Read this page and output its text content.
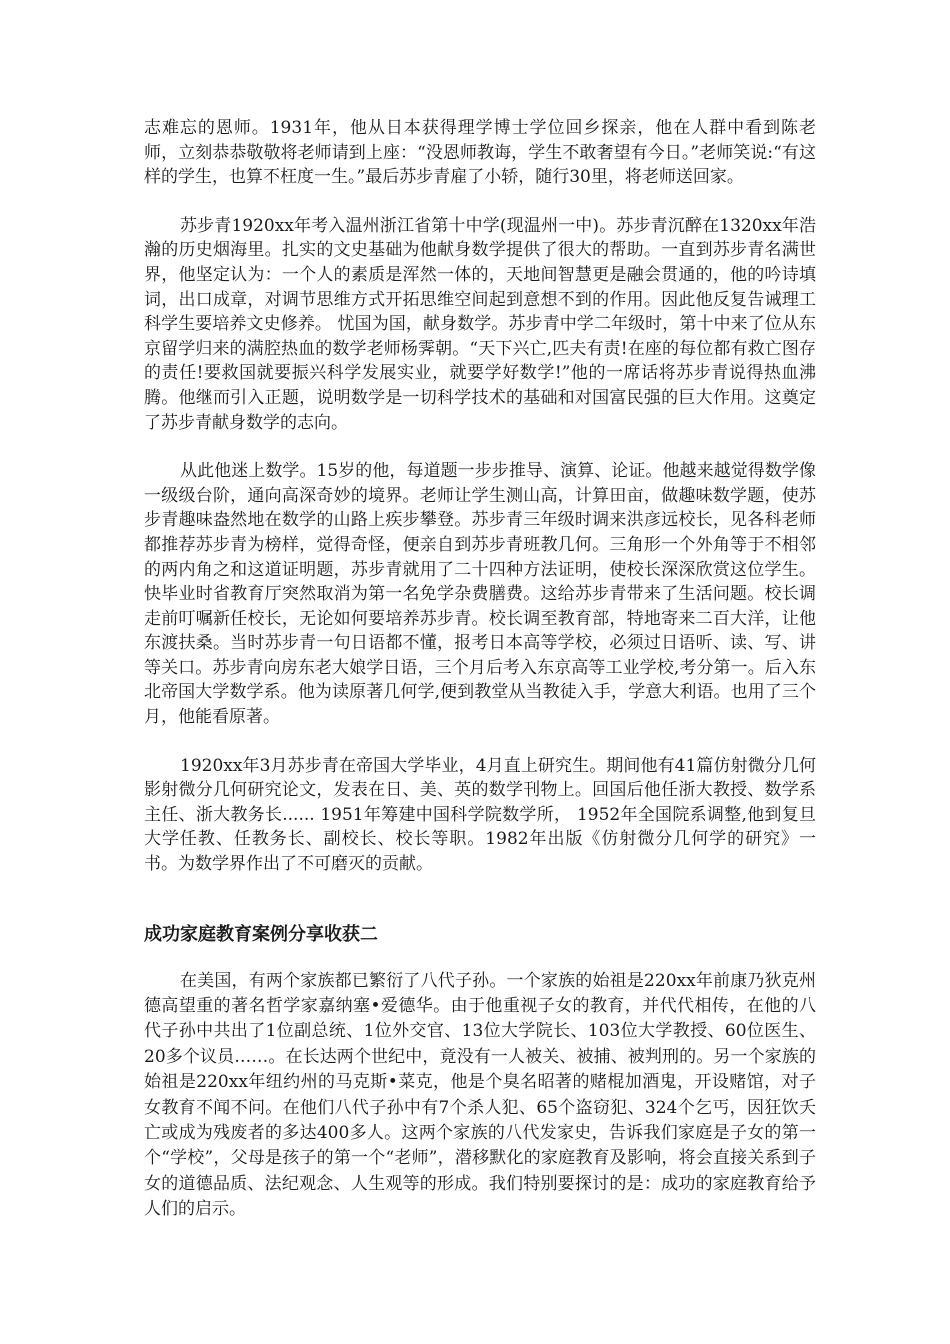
志难忘的恩师。1931年，他从日本获得理学博士学位回乡探亲，他在人群中看到陈老师，立刻恭恭敬敬将老师请到上座：“没恩师教诲，学生不敢奢望有今日。”老师笑说:“有这样的学生，也算不枉度一生。”最后苏步青雇了小轿，随行30里，将老师送回家。

苏步青1920xx年考入温州浙江省第十中学(现温州一中)。苏步青沉醉在1320xx年浩瀚的历史烟海里。扎实的文史基础为他献身数学提供了很大的帮助。一直到苏步青名满世界，他坚定认为：一个人的素质是浑然一体的，天地间智慧更是融会贯通的，他的吟诗填词，出口成章，对调节思维方式开拓思维空间起到意想不到的作用。因此他反复告诫理工科学生要培养文史修养。 忧国为国，献身数学。苏步青中学二年级时，第十中来了位从东京留学归来的满腔热血的数学老师杨霁朝。“天下兴亡,匹夫有责!在座的每位都有救亡图存的责任!要救国就要振兴科学发展实业，就要学好数学!”他的一席话将苏步青说得热血沸腾。他继而引入正题，说明数学是一切科学技术的基础和对国富民强的巨大作用。这奠定了苏步青献身数学的志向。

从此他迷上数学。15岁的他，每道题一步步推导、演算、论证。他越来越觉得数学像一级级台阶，通向高深奇妙的境界。老师让学生测山高，计算田亩，做趣味数学题，使苏步青趣味盎然地在数学的山路上疾步攀登。苏步青三年级时调来洪彦远校长，见各科老师都推荐苏步青为榜样，觉得奇怪，便亲自到苏步青班教几何。三角形一个外角等于不相邻的两内角之和这道证明题，苏步青就用了二十四种方法证明，使校长深深欣赏这位学生。快毕业时省教育厅突然取消为第一名免学杂费膳费。这给苏步青带来了生活问题。校长调走前叮嘱新任校长，无论如何要培养苏步青。校长调至教育部，特地寄来二百大洋，让他东渡扶桑。当时苏步青一句日语都不懂，报考日本高等学校，必须过日语听、读、写、讲等关口。苏步青向房东老大娘学日语，三个月后考入东京高等工业学校,考分第一。后入东北帝国大学数学系。他为读原著几何学,便到教堂从当教徒入手，学意大利语。也用了三个月，他能看原著。

1920xx年3月苏步青在帝国大学毕业，4月直上研究生。期间他有41篇仿射微分几何影射微分几何研究论文，发表在日、美、英的数学刊物上。回国后他任浙大教授、数学系主任、浙大教务长...... 1951年筹建中国科学院数学所， 1952年全国院系调整,他到复旦大学任教、任教务长、副校长、校长等职。1982年出版《仿射微分几何学的研究》一书。为数学界作出了不可磨灭的贡献。

成功家庭教育案例分享收获二

在美国，有两个家族都已繁衍了八代子孙。一个家族的始祖是220xx年前康乃狄克州德高望重的著名哲学家嘉纳塞•爱德华。由于他重视子女的教育，并代代相传，在他的八代子孙中共出了1位副总统、1位外交官、13位大学院长、103位大学教授、60位医生、20多个议员……。在长达两个世纪中，竟没有一人被关、被捕、被判刑的。另一个家族的始祖是220xx年纽约州的马克斯•菜克，他是个臭名昭著的赌棍加酒鬼，开设赌馆，对子女教育不闻不问。在他们八代子孙中有7个杀人犯、65个盗窃犯、324个乞丐，因狂饮夭亡或成为残废者的多达400多人。这两个家族的八代发家史，告诉我们家庭是子女的第一个“学校”，父母是孩子的第一个“老师”，潜移默化的家庭教育及影响，将会直接关系到子女的道德品质、法纪观念、人生观等的形成。我们特别要探讨的是：成功的家庭教育给予人们的启示。
